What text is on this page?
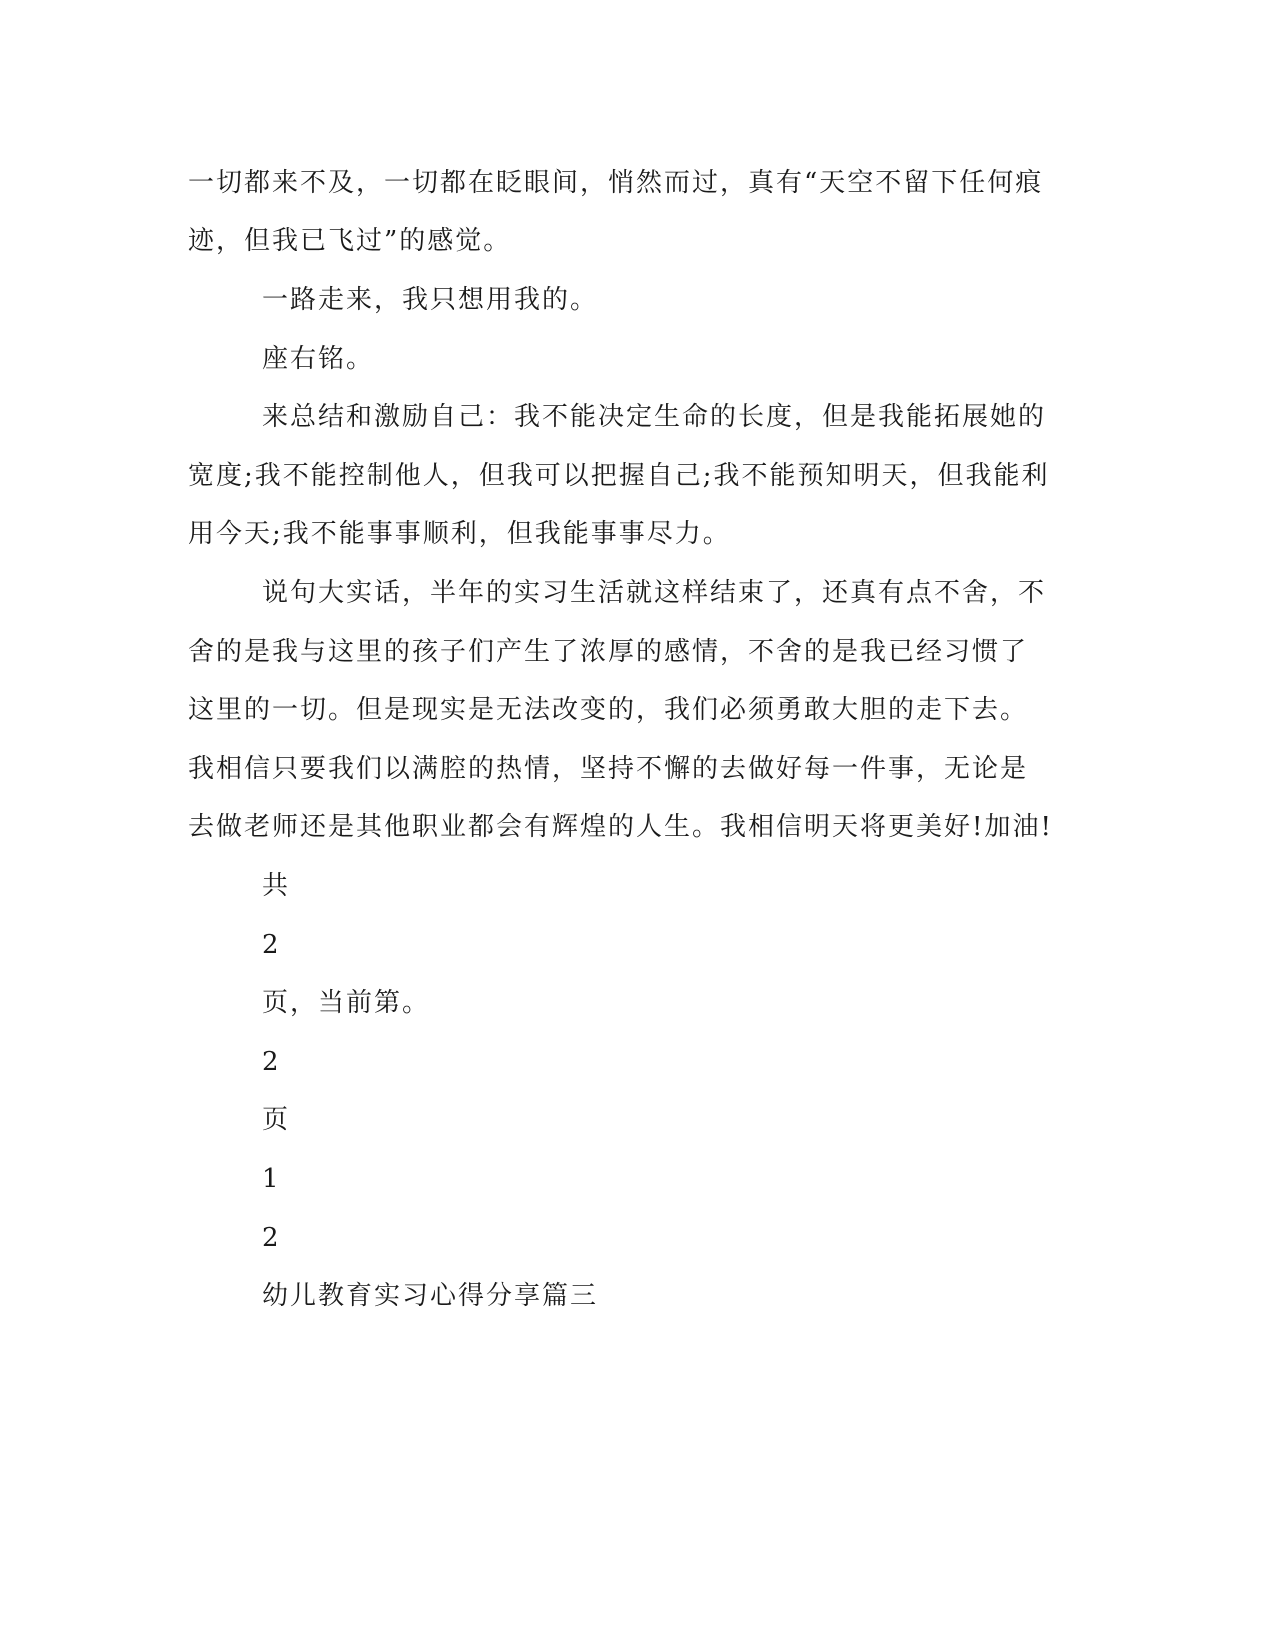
一切都来不及，一切都在眨眼间，悄然而过，真有“天空不留下任何痕
迹，但我已飞过”的感觉。
一路走来，我只想用我的。
座右铭。
来总结和激励自己：我不能决定生命的长度，但是我能拓展她的
宽度;我不能控制他人，但我可以把握自己;我不能预知明天，但我能利
用今天;我不能事事顺利，但我能事事尽力。
说句大实话，半年的实习生活就这样结束了，还真有点不舍，不
舍的是我与这里的孩子们产生了浓厚的感情，不舍的是我已经习惯了
这里的一切。但是现实是无法改变的，我们必须勇敢大胆的走下去。
我相信只要我们以满腔的热情，坚持不懈的去做好每一件事，无论是
去做老师还是其他职业都会有辉煌的人生。我相信明天将更美好!加油!
共
2
页，当前第。
2
页
1
2
幼儿教育实习心得分享篇三
